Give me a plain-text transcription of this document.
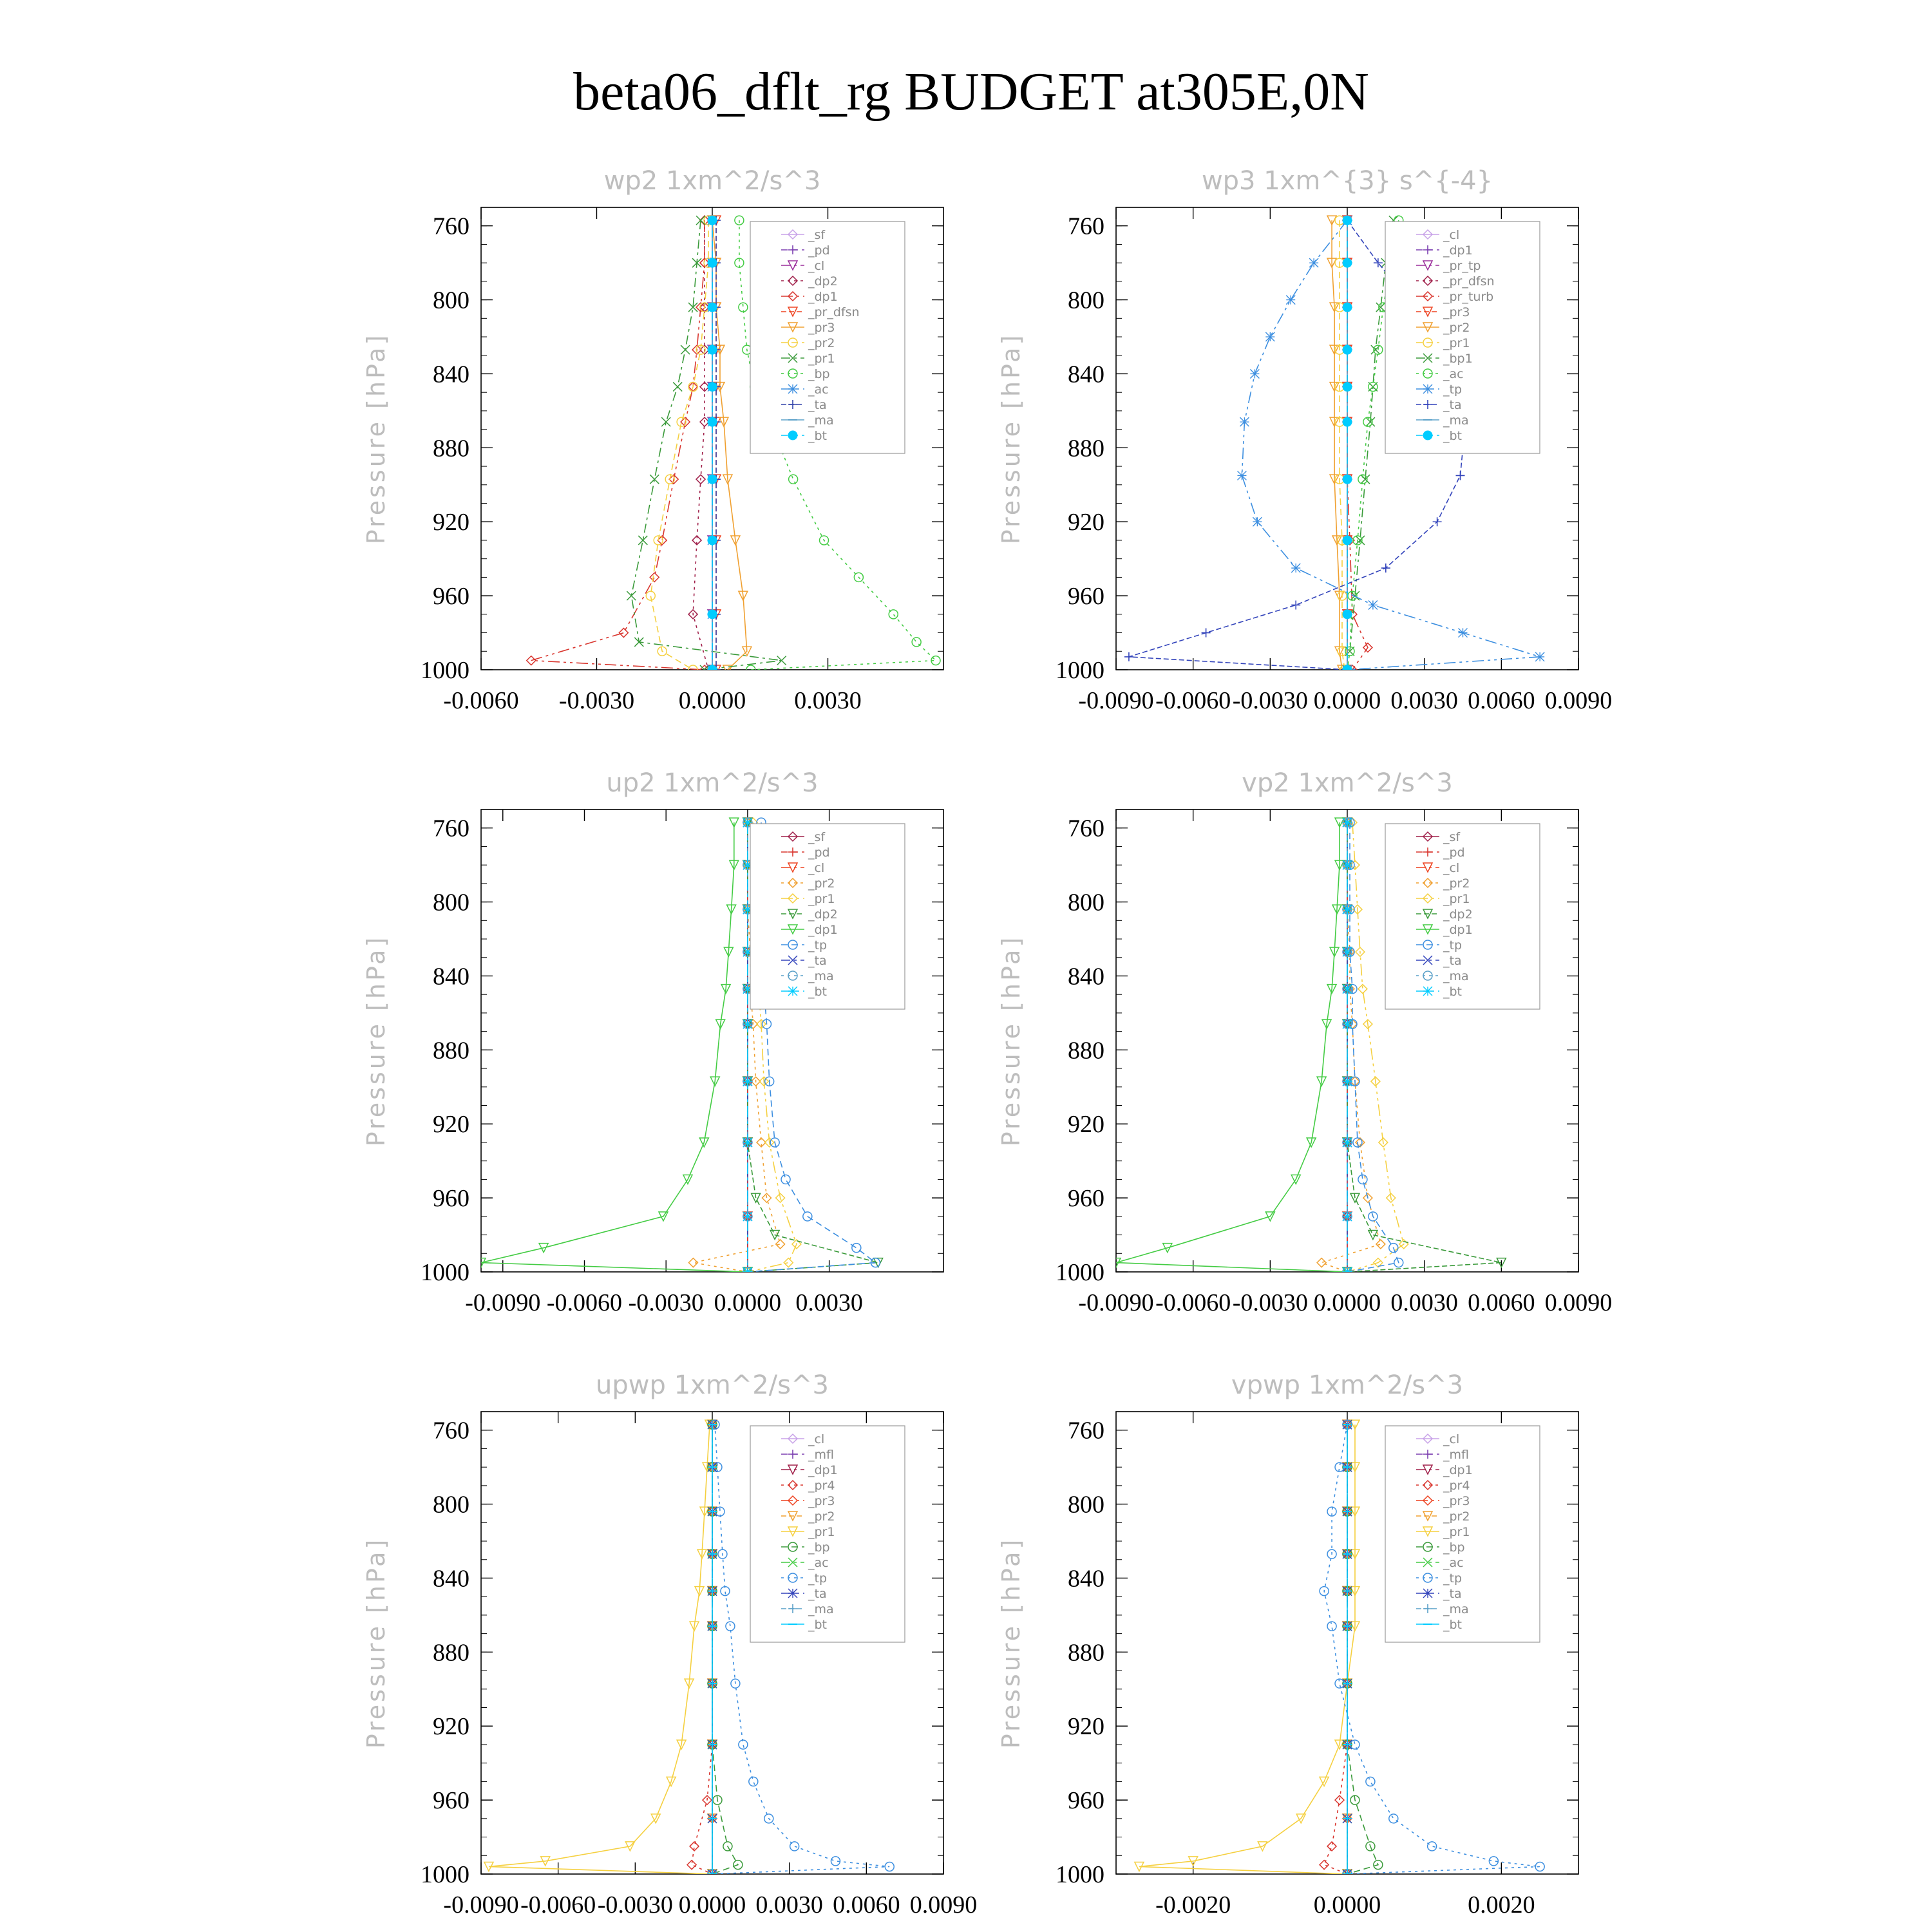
beta06_dflt_rg BUDGET at305E,0N
wp2 1xm^2/s^3
Pressure [hPa]
760
800
840
880
920
960
1000
-0.0060 -0.0030 0.0000 0.0030
_sf
_pd
_cl
_dp2
_dp1
_pr_dfsn
_pr3
_pr2
_pr1
_bp
_ac
_ta
_ma
_bt
wp3 1xm^{3} s^{-4}
Pressure [hPa]
760
800
840
880
920
960
1000
-0.0090 -0.0060 -0.0030 0.0000 0.0030 0.0060 0.0090
_cl
_dp1
_pr_tp
_pr_dfsn
_pr_turb
_pr3
_pr2
_pr1
_bp1
_ac
_tp
_ta
_ma
_bt
up2 1xm^2/s^3
Pressure [hPa]
760
800
840
880
920
960
1000
-0.0090 -0.0060 -0.0030 0.0000 0.0030
_sf
_pd
_cl
_pr2
_pr1
_dp2
_dp1
_tp
_ta
_ma
_bt
vp2 1xm^2/s^3
Pressure [hPa]
760
800
840
880
920
960
1000
-0.0090 -0.0060 -0.0030 0.0000 0.0030 0.0060 0.0090
_sf
_pd
_cl
_pr2
_pr1
_dp2
_dp1
_tp
_ta
_ma
_bt
upwp 1xm^2/s^3
Pressure [hPa]
760
800
840
880
920
960
1000
-0.0090 -0.0060 -0.0030 0.0000 0.0030 0.0060 0.0090
_cl
_mfl
_dp1
_pr4
_pr3
_pr2
_pr1
_bp
_ac
_tp
_ta
_ma
_bt
vpwp 1xm^2/s^3
Pressure [hPa]
760
800
840
880
920
960
1000
-0.0020	0.0000	0.0020
_cl
_mfl
_dp1
_pr4
_pr3
_pr2
_pr1
_bp
_ac
_tp
_ta
_ma
_bt
